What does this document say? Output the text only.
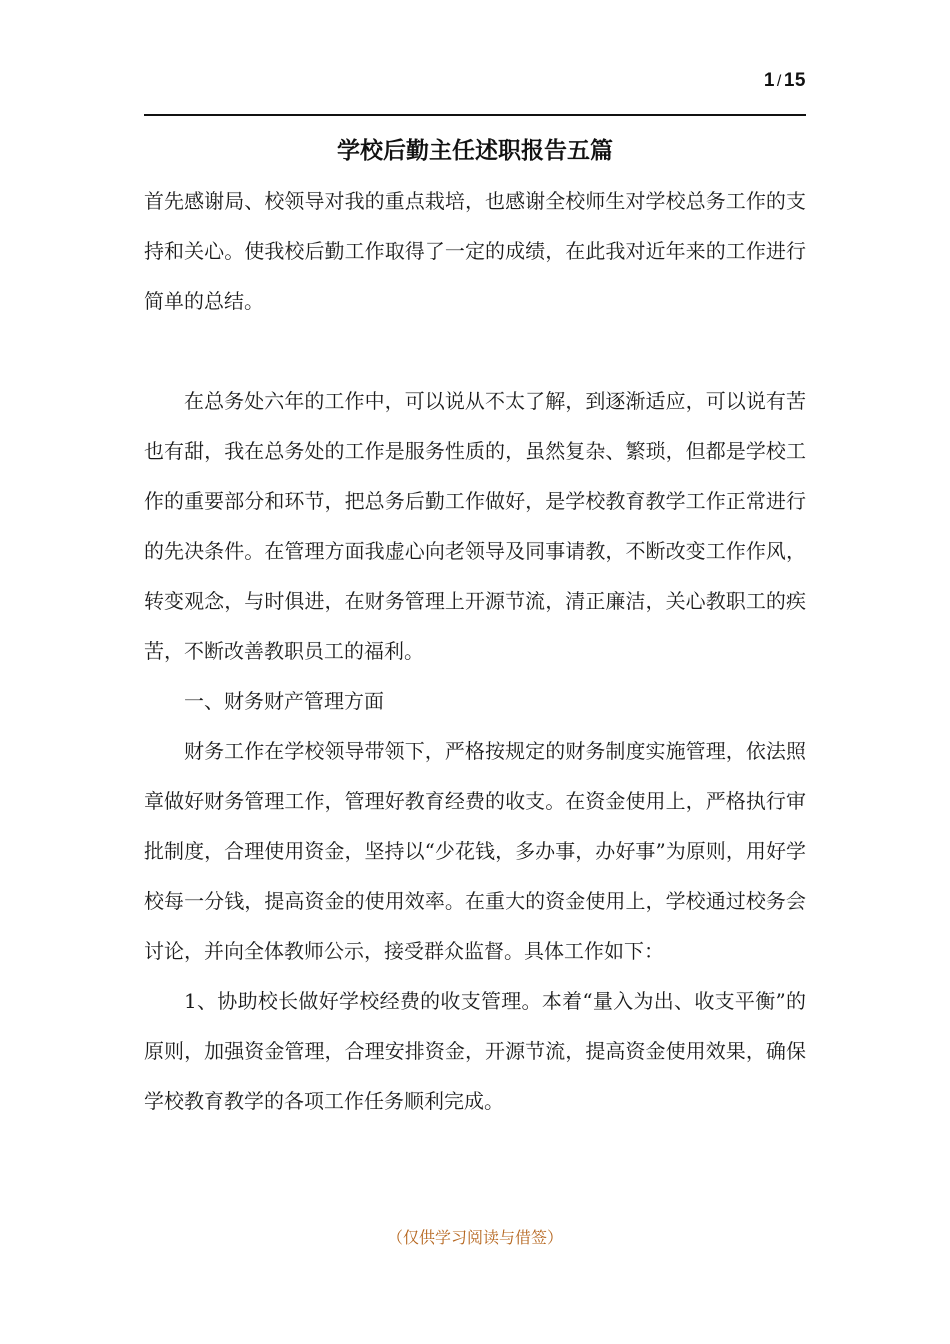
1 / 15
学校后勤主任述职报告五篇

首先感谢局、校领导对我的重点栽培，也感谢全校师生对学校总务工作的支持和关心。使我校后勤工作取得了一定的成绩，在此我对近年来的工作进行简单的总结。

在总务处六年的工作中，可以说从不太了解，到逐渐适应，可以说有苦也有甜，我在总务处的工作是服务性质的，虽然复杂、繁琐，但都是学校工作的重要部分和环节，把总务后勤工作做好，是学校教育教学工作正常进行的先决条件。在管理方面我虚心向老领导及同事请教，不断改变工作作风，转变观念，与时俱进，在财务管理上开源节流，清正廉洁，关心教职工的疾苦，不断改善教职员工的福利。

一、财务财产管理方面

财务工作在学校领导带领下，严格按规定的财务制度实施管理，依法照章做好财务管理工作，管理好教育经费的收支。在资金使用上，严格执行审批制度，合理使用资金，坚持以“少花钱，多办事，办好事”为原则，用好学校每一分钱，提高资金的使用效率。在重大的资金使用上，学校通过校务会讨论，并向全体教师公示，接受群众监督。具体工作如下：

1、协助校长做好学校经费的收支管理。本着“量入为出、收支平衡”的原则，加强资金管理，合理安排资金，开源节流，提高资金使用效果，确保学校教育教学的各项工作任务顺利完成。

（仅供学习阅读与借签）
